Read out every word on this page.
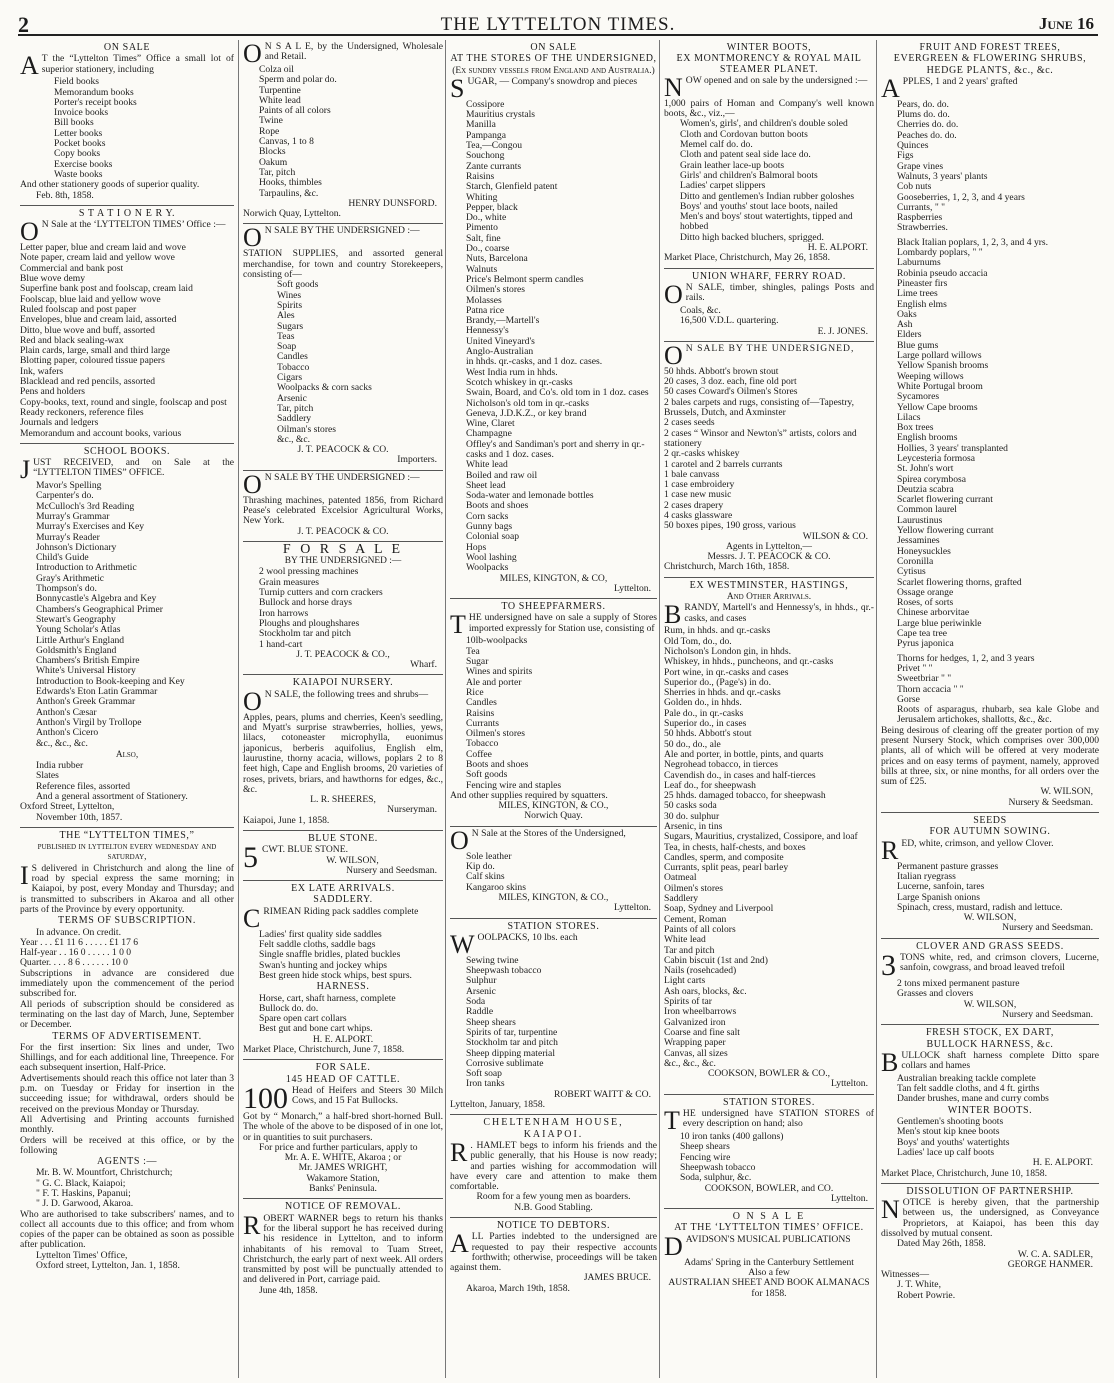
2	THE LYTTELTON TIMES.	June 16
ON SALE
A T the “Lyttelton Times” Office a small lot of superior stationery, including

Field books
Memorandum books
Porter's receipt books
Invoice books
Bill books
Letter books
Pocket books
Copy books
Exercise books
Waste books

And other stationery goods of superior quality.

Feb. 8th, 1858.

S T A T I O N E R Y.
O N Sale at the ‘LYTTELTON TIMES’ Office :—

Letter paper, blue and cream laid and wove
Note paper, cream laid and yellow wove
Commercial and bank post
Blue wove demy
Superfine bank post and foolscap, cream laid
Foolscap, blue laid and yellow wove
Ruled foolscap and post paper
Envelopes, blue and cream laid, assorted
Ditto, blue wove and buff, assorted
Red and black sealing-wax
Plain cards, large, small and third large
Blotting paper, coloured tissue papers
Ink, wafers
Blacklead and red pencils, assorted
Pens and holders
Copy-books, text, round and single, foolscap and post
Ready reckoners, reference files
Journals and ledgers
Memorandum and account books, various
SCHOOL BOOKS.
J UST RECEIVED, and on Sale at the “LYTTELTON TIMES” OFFICE.

Mavor's Spelling
Carpenter's do.
McCulloch's 3rd Reading
Murray's Grammar
Murray's Exercises and Key
Murray's Reader
Johnson's Dictionary
Child's Guide
Introduction to Arithmetic
Gray's Arithmetic
Thompson's do.
Bonnycastle's Algebra and Key
Chambers's Geographical Primer
Stewart's Geography
Young Scholar's Atlas
Little Arthur's England
Goldsmith's England
Chambers's British Empire
White's Universal History
Introduction to Book-keeping and Key
Edwards's Eton Latin Grammar
Anthon's Greek Grammar
Anthon's Cæsar
Anthon's Virgil by Trollope
Anthon's Cicero

&c., &c., &c.

Also,
India rubber
Slates
Reference files, assorted
And a general assortment of Stationery.

Oxford Street, Lyttelton,

November 10th, 1857.

THE “LYTTELTON TIMES,”
published in lyttelton every wednesday and saturday,
I S delivered in Christchurch and along the line of road by special express the same morning; in Kaiapoi, by post, every Monday and Thursday; and is transmitted to subscribers in Akaroa and all other parts of the Province by every opportunity.

TERMS OF SUBSCRIPTION.

In advance. On credit.

Year . . . £1 11 6 . . . . . £1 17 6
Half-year . . 16 0 . . . . . 1 0 0
Quarter. . . . 8 6 . . . . . . 10 0

Subscriptions in advance are considered due immediately upon the commencement of the period subscribed for.

All periods of subscription should be considered as terminating on the last day of March, June, September or December.

TERMS OF ADVERTISEMENT.

For the first insertion: Six lines and under, Two Shillings, and for each additional line, Threepence. For each subsequent insertion, Half-Price.

Advertisements should reach this office not later than 3 p.m. on Tuesday or Friday for insertion in the succeeding issue; for withdrawal, orders should be received on the previous Monday or Thursday.

All Advertising and Printing accounts furnished monthly.

Orders will be received at this office, or by the following

AGENTS :—
Mr. B. W. Mountfort, Christchurch;
" G. C. Black, Kaiapoi;
" F. T. Haskins, Papanui;
" J. D. Garwood, Akaroa.

Who are authorised to take subscribers' names, and to collect all accounts due to this office; and from whom copies of the paper can be obtained as soon as possible after publication.

Lyttelton Times' Office,

Oxford street, Lyttelton, Jan. 1, 1858.

O N S A L E, by the Undersigned, Wholesale and Retail.

Colza oil
Sperm and polar do.
Turpentine
White lead
Paints of all colors
Twine
Rope
Canvas, 1 to 8
Blocks
Oakum
Tar, pitch
Hooks, thimbles
Tarpaulins, &c.

HENRY DUNSFORD.

Norwich Quay, Lyttelton.

O N SALE BY THE UNDERSIGNED :—

STATION SUPPLIES, and assorted general merchandise, for town and country Storekeepers, consisting of—

Soft goods
Wines
Spirits
Ales
Sugars
Teas
Soap
Candles
Tobacco
Cigars
Woolpacks & corn sacks
Arsenic
Tar, pitch
Saddlery
Oilman's stores
&c., &c.

J. T. PEACOCK & CO.

Importers.

O N SALE BY THE UNDERSIGNED :—

Thrashing machines, patented 1856, from Richard Pease's celebrated Excelsior Agricultural Works, New York.

J. T. PEACOCK & CO.

F O R S A L E
BY THE UNDERSIGNED :—
2 wool pressing machines
Grain measures
Turnip cutters and corn crackers
Bullock and horse drays
Iron harrows
Ploughs and ploughshares
Stockholm tar and pitch
1 hand-cart

J. T. PEACOCK & CO.,

Wharf.

KAIAPOI NURSERY.
O N SALE, the following trees and shrubs—

Apples, pears, plums and cherries, Keen's seedling, and Myatt's surprise strawberries, hollies, yews, lilacs, cotoneaster microphylla, euonimus japonicus, berberis aquifolius, English elm, laurustine, thorny acacia, willows, poplars 2 to 8 feet high, Cape and English brooms, 20 varieties of roses, privets, briars, and hawthorns for edges, &c., &c.

L. R. SHEERES,

Nurseryman.

Kaiapoi, June 1, 1858.

BLUE STONE.
5 CWT. BLUE STONE.

W. WILSON,

Nursery and Seedsman.

EX LATE ARRIVALS.
SADDLERY.
C RIMEAN Riding pack saddles complete

Ladies' first quality side saddles
Felt saddle cloths, saddle bags
Single snaffle bridles, plated buckles
Swan's hunting and jockey whips
Best green hide stock whips, best spurs.
HARNESS.
Horse, cart, shaft harness, complete
Bullock do. do.
Spare open cart collars
Best gut and bone cart whips.

H. E. ALPORT.

Market Place, Christchurch, June 7, 1858.

FOR SALE.
145 HEAD OF CATTLE.
100 Head of Heifers and Steers 30 Milch Cows, and 15 Fat Bullocks.

Got by “ Monarch,” a half-bred short-horned Bull. The whole of the above to be disposed of in one lot, or in quantities to suit purchasers.

For price and further particulars, apply to

Mr. A. E. WHITE, Akaroa ; or
Mr. JAMES WRIGHT,
Wakamore Station,
Banks' Peninsula.
NOTICE OF REMOVAL.
R OBERT WARNER begs to return his thanks for the liberal support he has received during his residence in Lyttelton, and to inform inhabitants of his removal to Tuam Street, Christchurch, the early part of next week. All orders transmitted by post will be punctually attended to and delivered in Port, carriage paid.

June 4th, 1858.

ON SALE
AT THE STORES OF THE UNDERSIGNED,
(Ex sundry vessels from England and Australia.)
S UGAR, — Company's snowdrop and pieces

Cossipore
Mauritius crystals
Manilla
Pampanga
Tea,—Congou
Souchong
Zante currants
Raisins
Starch, Glenfield patent
Whiting
Pepper, black
Do., white
Pimento
Salt, fine
Do., coarse
Nuts, Barcelona
Walnuts
Price's Belmont sperm candles
Oilmen's stores
Molasses
Patna rice
Brandy,—Martell's
Hennessy's
United Vineyard's
Anglo-Australian
in hhds. qr.-casks, and 1 doz. cases.
West India rum in hhds.
Scotch whiskey in qr.-casks
Swain, Board, and Co's. old tom in 1 doz. cases
Nicholson's old tom in qr.-casks
Geneva, J.D.K.Z., or key brand
Wine, Claret
Champagne
Offley's and Sandiman's port and sherry in qr.-casks and 1 doz. cases.
White lead
Boiled and raw oil
Sheet lead
Soda-water and lemonade bottles
Boots and shoes
Corn sacks
Gunny bags
Colonial soap
Hops
Wool lashing
Woolpacks

MILES, KINGTON, & CO,

Lyttelton.

TO SHEEPFARMERS.
T HE undersigned have on sale a supply of Stores imported expressly for Station use, consisting of

10lb-woolpacks
Tea
Sugar
Wines and spirits
Ale and porter
Rice
Candles
Raisins
Currants
Oilmen's stores
Tobacco
Coffee
Boots and shoes
Soft goods
Fencing wire and staples

And other supplies required by squatters.

MILES, KINGTON, & CO.,

Norwich Quay.

O N Sale at the Stores of the Undersigned,

Sole leather
Kip do.
Calf skins
Kangaroo skins

MILES, KINGTON, & CO.,

Lyttelton.

STATION STORES.
W OOLPACKS, 10 lbs. each

Sewing twine
Sheepwash tobacco
Sulphur
Arsenic
Soda
Raddle
Sheep shears
Spirits of tar, turpentine
Stockholm tar and pitch
Sheep dipping material
Corrosive sublimate
Soft soap
Iron tanks

ROBERT WAITT & CO.

Lyttelton, January, 1858.

CHELTENHAM HOUSE,
KAIAPOI.
R . HAMLET begs to inform his friends and the public generally, that his House is now ready; and parties wishing for accommodation will have every care and attention to make them comfortable.

Room for a few young men as boarders.

N.B. Good Stabling.

NOTICE TO DEBTORS.
A LL Parties indebted to the undersigned are requested to pay their respective accounts forthwith; otherwise, proceedings will be taken against them.

JAMES BRUCE.

Akaroa, March 19th, 1858.

WINTER BOOTS,
EX MONTMORENCY & ROYAL MAIL STEAMER PLANET.
N OW opened and on sale by the undersigned :—

1,000 pairs of Homan and Company's well known boots, &c., viz.,—

Women's, girls', and children's double soled
Cloth and Cordovan button boots
Memel calf do. do.
Cloth and patent seal side lace do.
Grain leather lace-up boots
Girls' and children's Balmoral boots
Ladies' carpet slippers
Ditto and gentlemen's Indian rubber goloshes
Boys' and youths' stout lace boots, nailed
Men's and boys' stout watertights, tipped and hobbed
Ditto high backed bluchers, sprigged.

H. E. ALPORT.

Market Place, Christchurch, May 26, 1858.

UNION WHARF, FERRY ROAD.
O N SALE, timber, shingles, palings Posts and rails.

Coals, &c.
16,500 V.D.L. quartering.

E. J. JONES.

O N SALE BY THE UNDERSIGNED,

50 hhds. Abbott's brown stout
20 cases, 3 doz. each, fine old port
50 cases Coward's Oilmen's Stores
2 bales carpets and rugs, consisting of—Tapestry, Brussels, Dutch, and Axminster
2 cases seeds
2 cases “ Winsor and Newton's” artists, colors and stationery
2 qr.-casks whiskey
1 carotel and 2 barrels currants
1 bale canvass
1 case embroidery
1 case new music
2 cases drapery
4 casks glassware
50 boxes pipes, 190 gross, various

WILSON & CO.

Agents in Lyttelton,—

Messrs. J. T. PEACOCK & CO.

Christchurch, March 16th, 1858.

EX WESTMINSTER, HASTINGS,
And Other Arrivals.
B RANDY, Martell's and Hennessy's, in hhds., qr.-casks, and cases

Rum, in hhds. and qr.-casks
Old Tom, do., do.
Nicholson's London gin, in hhds.
Whiskey, in hhds., puncheons, and qr.-casks
Port wine, in qr.-casks and cases
Superior do., (Page's) in do.
Sherries in hhds. and qr.-casks
Golden do., in hhds.
Pale do., in qr.-casks
Superior do., in cases
50 hhds. Abbott's stout
50 do., do., ale
Ale and porter, in bottle, pints, and quarts
Negrohead tobacco, in tierces
Cavendish do., in cases and half-tierces
Leaf do., for sheepwash
25 hhds. damaged tobacco, for sheepwash
50 casks soda
30 do. sulphur
Arsenic, in tins
Sugars, Mauritius, crystalized, Cossipore, and loaf
Tea, in chests, half-chests, and boxes
Candles, sperm, and composite
Currants, split peas, pearl barley
Oatmeal
Oilmen's stores
Saddlery
Soap, Sydney and Liverpool
Cement, Roman
Paints of all colors
White lead
Tar and pitch
Cabin biscuit (1st and 2nd)
Nails (rosehcaded)
Light carts
Ash oars, blocks, &c.
Spirits of tar
Iron wheelbarrows
Galvanized iron
Coarse and fine salt
Wrapping paper
Canvas, all sizes
&c., &c., &c.

COOKSON, BOWLER & CO.,

Lyttelton.

STATION STORES.
T HE undersigned have STATION STORES of every description on hand; also

10 iron tanks (400 gallons)
Sheep shears
Fencing wire
Sheepwash tobacco
Soda, sulphur, &c.

COOKSON, BOWLER, and CO.

Lyttelton.

O N S A L E
AT THE ‘LYTTELTON TIMES’ OFFICE.
D AVIDSON'S MUSICAL PUBLICATIONS

Adams' Spring in the Canterbury Settlement

Also a few

AUSTRALIAN SHEET AND BOOK ALMANACS for 1858.

FRUIT AND FOREST TREES,
EVERGREEN & FLOWERING SHRUBS,
HEDGE PLANTS, &c., &c.
A PPLES, 1 and 2 years' grafted

Pears, do. do.
Plums do. do.
Cherries do. do.
Peaches do. do.
Quinces
Figs
Grape vines
Walnuts, 3 years' plants
Cob nuts
Gooseberries, 1, 2, 3, and 4 years
Currants, " "
Raspberries
Strawberries.
Black Italian poplars, 1, 2, 3, and 4 yrs.
Lombardy poplars, " "
Laburnums
Robinia pseudo accacia
Pineaster firs
Lime trees
English elms
Oaks
Ash
Elders
Blue gums
Large pollard willows
Yellow Spanish brooms
Weeping willows
White Portugal broom
Sycamores
Yellow Cape brooms
Lilacs
Box trees
English brooms
Hollies, 3 years' transplanted
Leycesteria formosa
St. John's wort
Spirea corymbosa
Deutzia scabra
Scarlet flowering currant
Common laurel
Laurustinus
Yellow flowering currant
Jessamines
Honeysuckles
Coronilla
Cytisus
Scarlet flowering thorns, grafted
Ossage orange
Roses, of sorts
Chinese arborvitae
Large blue periwinkle
Cape tea tree
Pyrus japonica
Thorns for hedges, 1, 2, and 3 years
Privet " "
Sweetbriar " "
Thorn accacia " "
Gorse

Roots of asparagus, rhubarb, sea kale Globe and Jerusalem artichokes, shallotts, &c., &c.

Being desirous of clearing off the greater portion of my present Nursery Stock, which comprises over 300,000 plants, all of which will be offered at very moderate prices and on easy terms of payment, namely, approved bills at three, six, or nine months, for all orders over the sum of £25.

W. WILSON,

Nursery & Seedsman.

SEEDS
FOR AUTUMN SOWING.
R ED, white, crimson, and yellow Clover.

Permanent pasture grasses
Italian ryegrass
Lucerne, sanfoin, tares
Large Spanish onions
Spinach, cress, mustard, radish and lettuce.

W. WILSON,

Nursery and Seedsman.

CLOVER AND GRASS SEEDS.
3 TONS white, red, and crimson clovers, Lucerne, sanfoin, cowgrass, and broad leaved trefoil

2 tons mixed permanent pasture
Grasses and clovers

W. WILSON,

Nursery and Seedsman.

FRESH STOCK, EX DART,
BULLOCK HARNESS, &c.
B ULLOCK shaft harness complete Ditto spare collars and hames

Australian breaking tackle complete
Tan felt saddle cloths, and 4 ft. girths
Dander brushes, mane and curry combs
WINTER BOOTS.
Gentlemen's shooting boots
Men's stout kip knee boots
Boys' and youths' watertights
Ladies' lace up calf boots

H. E. ALPORT.

Market Place, Christchurch, June 10, 1858.

DISSOLUTION OF PARTNERSHIP.
N OTICE is hereby given, that the partnership between us, the undersigned, as Conveyance Proprietors, at Kaiapoi, has been this day dissolved by mutual consent.

Dated May 26th, 1858.

W. C. A. SADLER,

GEORGE HANMER.

Witnesses—

J. T. White,

Robert Powrie.
